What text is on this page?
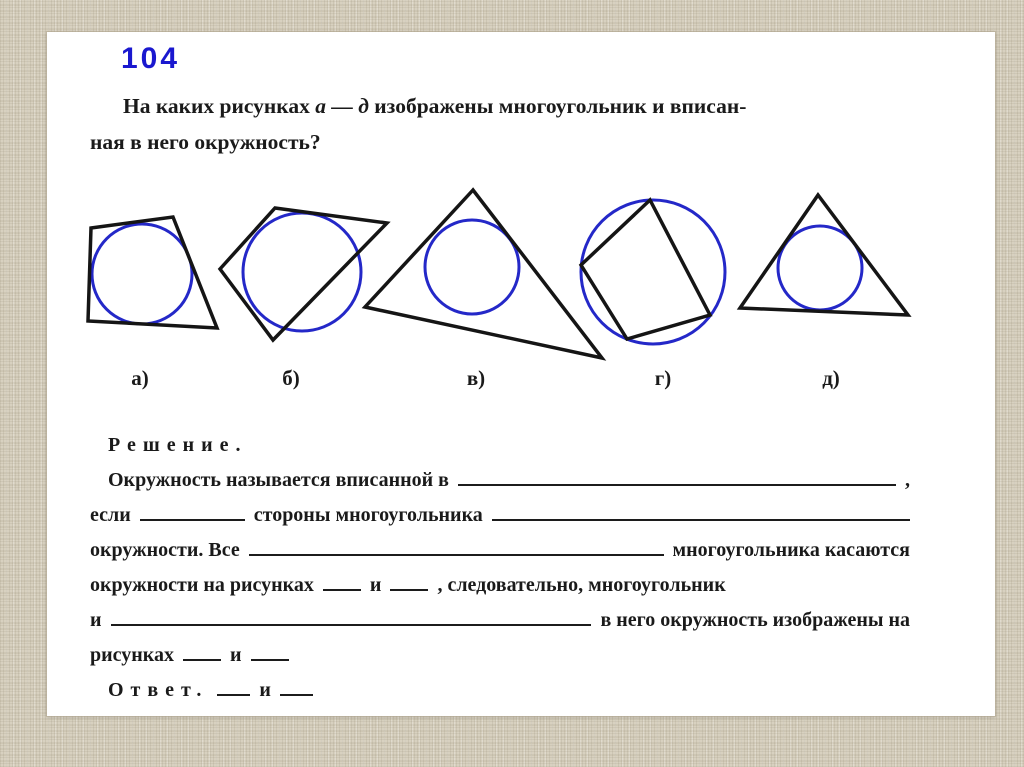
104
На каких рисунках а — д изображены многоугольник и вписан-
ная в него окружность?
а)	б)	в)	г)	д)
Решение.
Окружность называется вписанной в	,
если	стороны многоугольника
окружности. Все	многоугольника касаются
окружности на рисунках	и	, следовательно, многоугольник
и	в него окружность изображены на
рисунках	и
Ответ.	и
